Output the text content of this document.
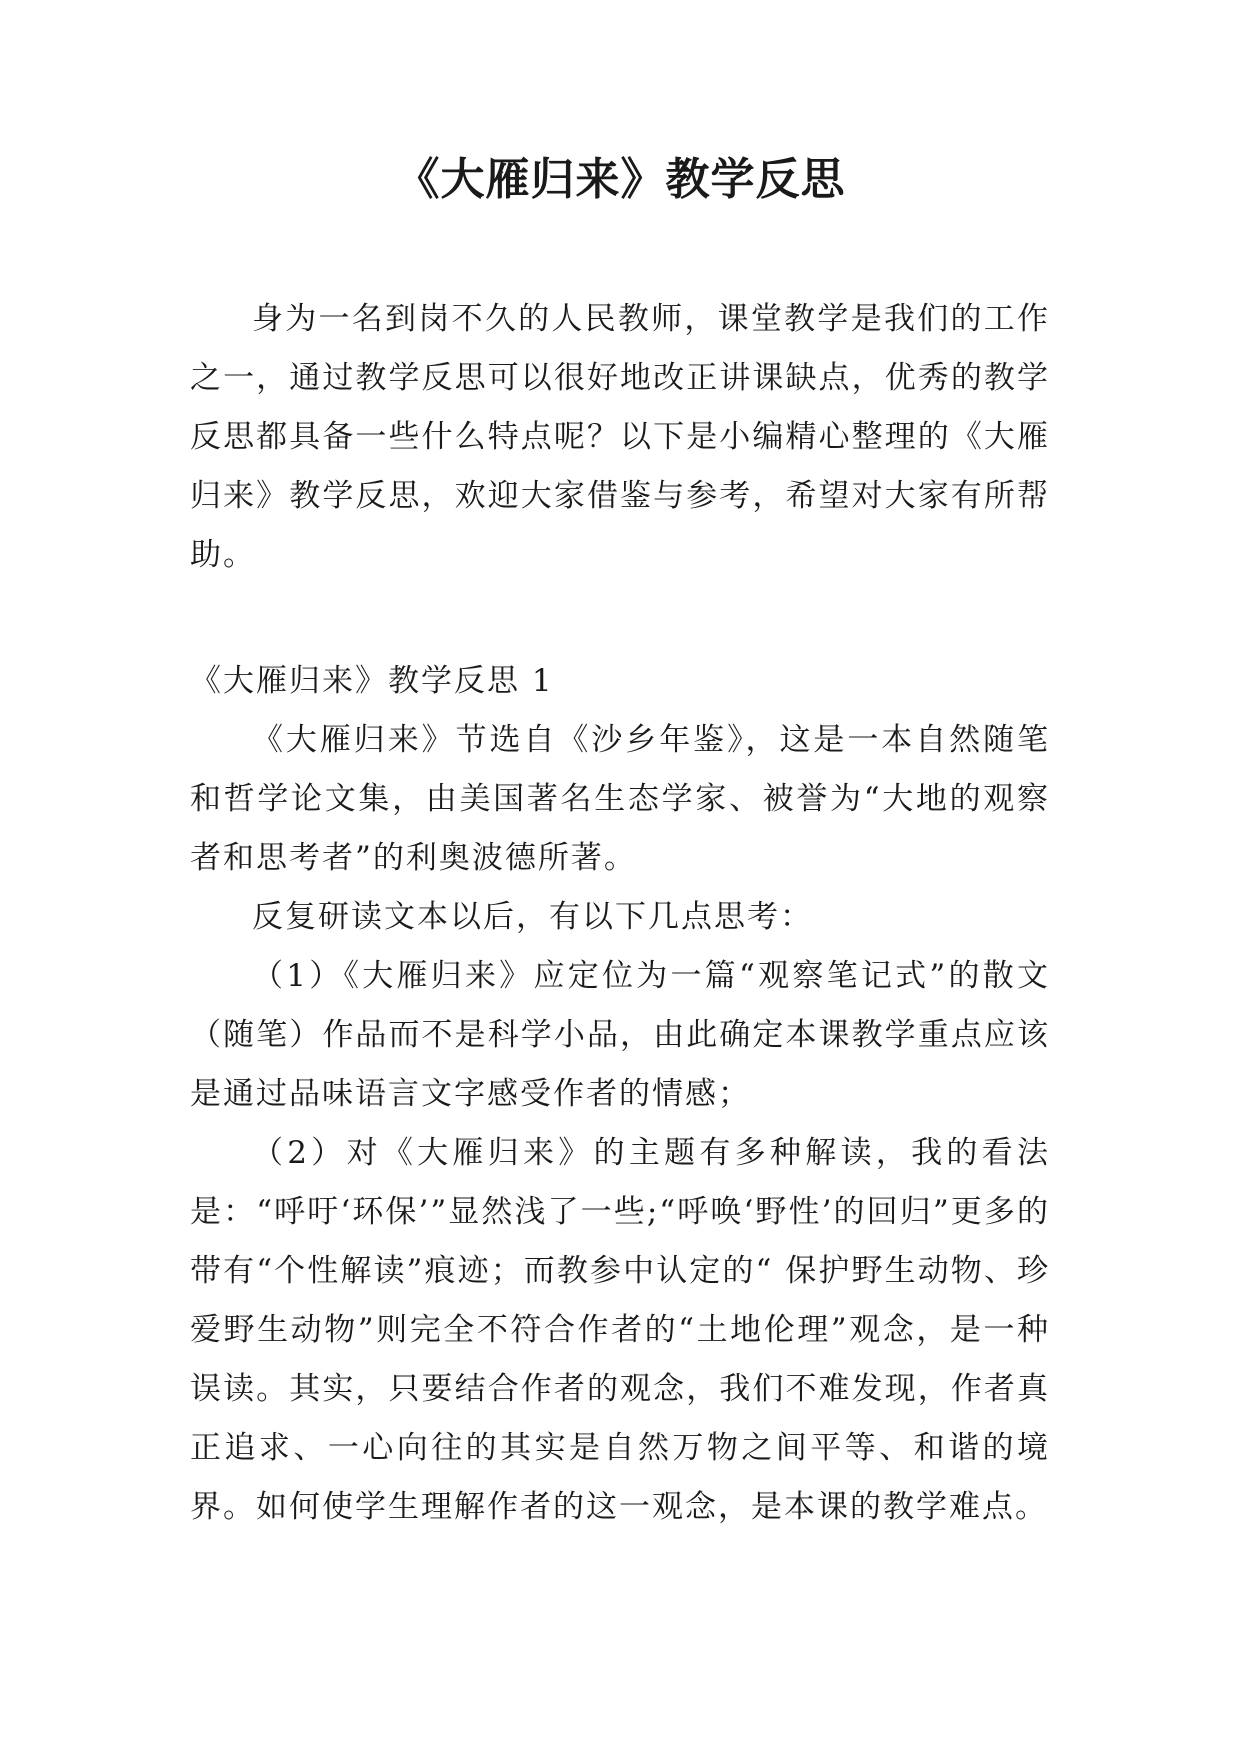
《大雁归来》教学反思

身为一名到岗不久的人民教师，课堂教学是我们的工作之一，通过教学反思可以很好地改正讲课缺点，优秀的教学反思都具备一些什么特点呢？以下是小编精心整理的《大雁归来》教学反思，欢迎大家借鉴与参考，希望对大家有所帮助。

《大雁归来》教学反思 1

《大雁归来》节选自《沙乡年鉴》，这是一本自然随笔和哲学论文集，由美国著名生态学家、被誉为“大地的观察者和思考者”的利奥波德所著。

反复研读文本以后，有以下几点思考：

（1）《大雁归来》应定位为一篇“观察笔记式”的散文（随笔）作品而不是科学小品，由此确定本课教学重点应该是通过品味语言文字感受作者的情感；

（2）对《大雁归来》的主题有多种解读，我的看法是：“呼吁‘环保’”显然浅了一些;“呼唤‘野性’的回归”更多的带有“个性解读”痕迹；而教参中认定的“ 保护野生动物、珍爱野生动物”则完全不符合作者的“土地伦理”观念，是一种误读。其实，只要结合作者的观念，我们不难发现，作者真正追求、一心向往的其实是自然万物之间平等、和谐的境界。如何使学生理解作者的这一观念，是本课的教学难点。
